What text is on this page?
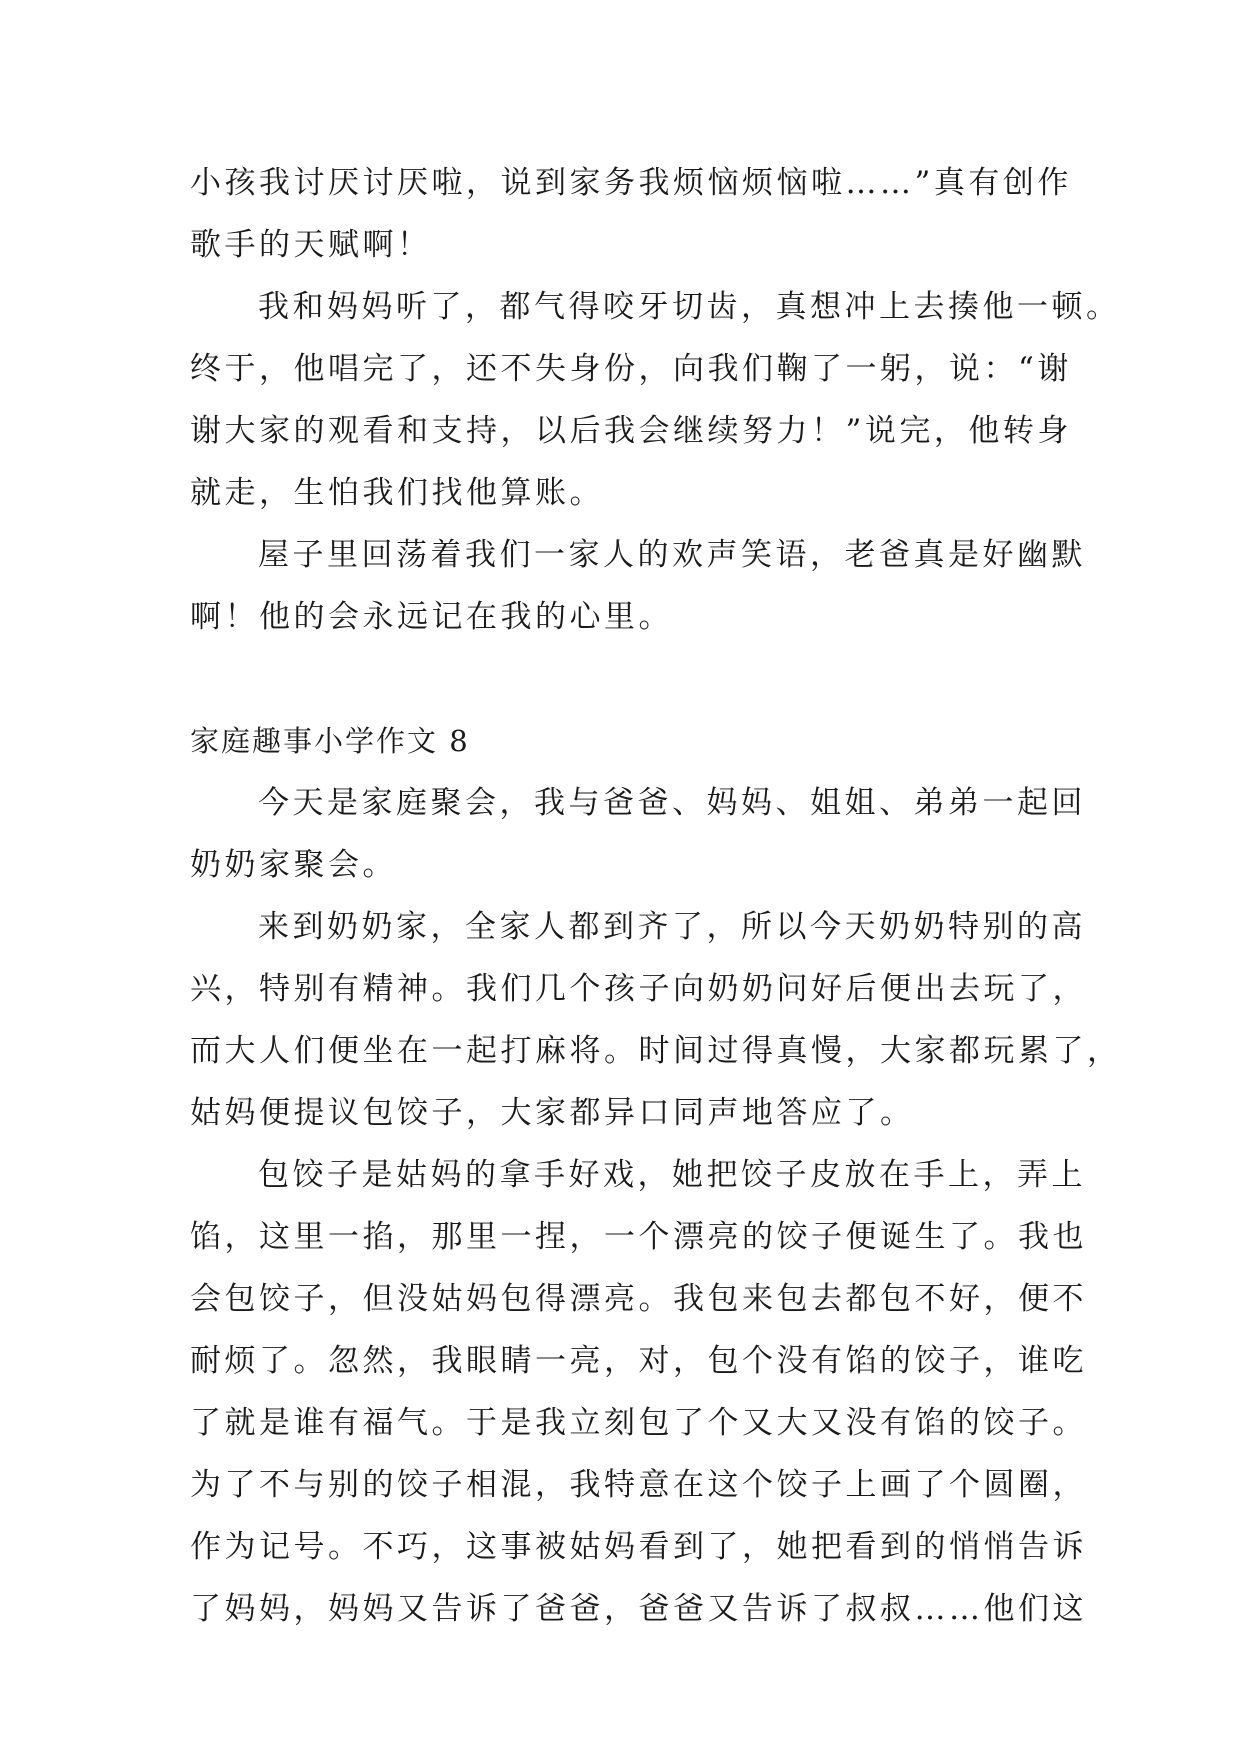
小孩我讨厌讨厌啦，说到家务我烦恼烦恼啦……”真有创作
歌手的天赋啊！
我和妈妈听了，都气得咬牙切齿，真想冲上去揍他一顿。
终于，他唱完了，还不失身份，向我们鞠了一躬，说：“谢
谢大家的观看和支持，以后我会继续努力！”说完，他转身
就走，生怕我们找他算账。
屋子里回荡着我们一家人的欢声笑语，老爸真是好幽默
啊！他的会永远记在我的心里。
家庭趣事小学作文 8
今天是家庭聚会，我与爸爸、妈妈、姐姐、弟弟一起回
奶奶家聚会。
来到奶奶家，全家人都到齐了，所以今天奶奶特别的高
兴，特别有精神。我们几个孩子向奶奶问好后便出去玩了，
而大人们便坐在一起打麻将。时间过得真慢，大家都玩累了，
姑妈便提议包饺子，大家都异口同声地答应了。
包饺子是姑妈的拿手好戏，她把饺子皮放在手上，弄上
馅，这里一掐，那里一捏，一个漂亮的饺子便诞生了。我也
会包饺子，但没姑妈包得漂亮。我包来包去都包不好，便不
耐烦了。忽然，我眼睛一亮，对，包个没有馅的饺子，谁吃
了就是谁有福气。于是我立刻包了个又大又没有馅的饺子。
为了不与别的饺子相混，我特意在这个饺子上画了个圆圈，
作为记号。不巧，这事被姑妈看到了，她把看到的悄悄告诉
了妈妈，妈妈又告诉了爸爸，爸爸又告诉了叔叔……他们这
